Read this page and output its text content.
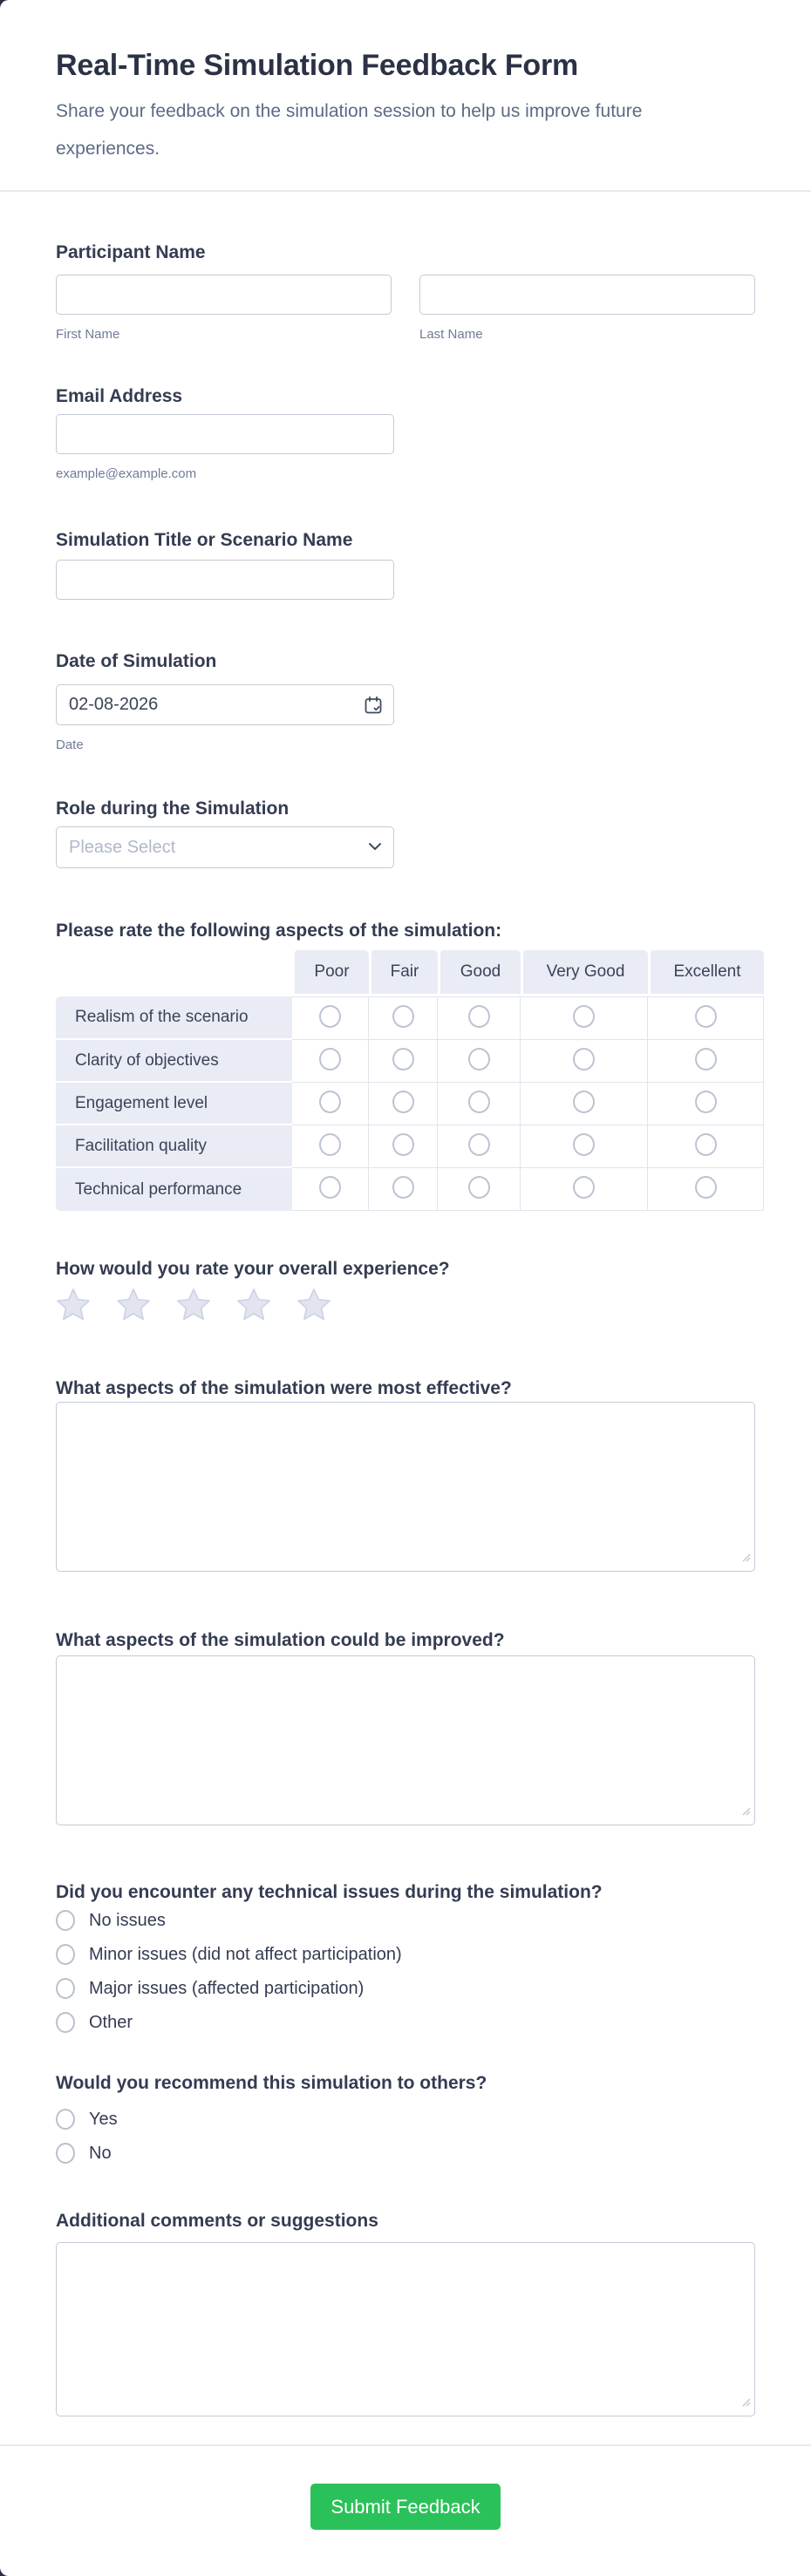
Real-Time Simulation Feedback Form

Share your feedback on the simulation session to help us improve future experiences.

Participant Name
First Name	Last Name
Email Address
example@example.com
Simulation Title or Scenario Name
Date of Simulation
02-08-2026
Date
Role during the Simulation
Please Select
Please rate the following aspects of the simulation:
	Poor	Fair	Good	Very Good	Excellent
Realism of the scenario					
Clarity of objectives					
Engagement level					
Facilitation quality					
Technical performance					
How would you rate your overall experience?
What aspects of the simulation were most effective?
What aspects of the simulation could be improved?
Did you encounter any technical issues during the simulation?
No issues
Minor issues (did not affect participation)
Major issues (affected participation)
Other
Would you recommend this simulation to others?
Yes
No
Additional comments or suggestions
Submit Feedback
